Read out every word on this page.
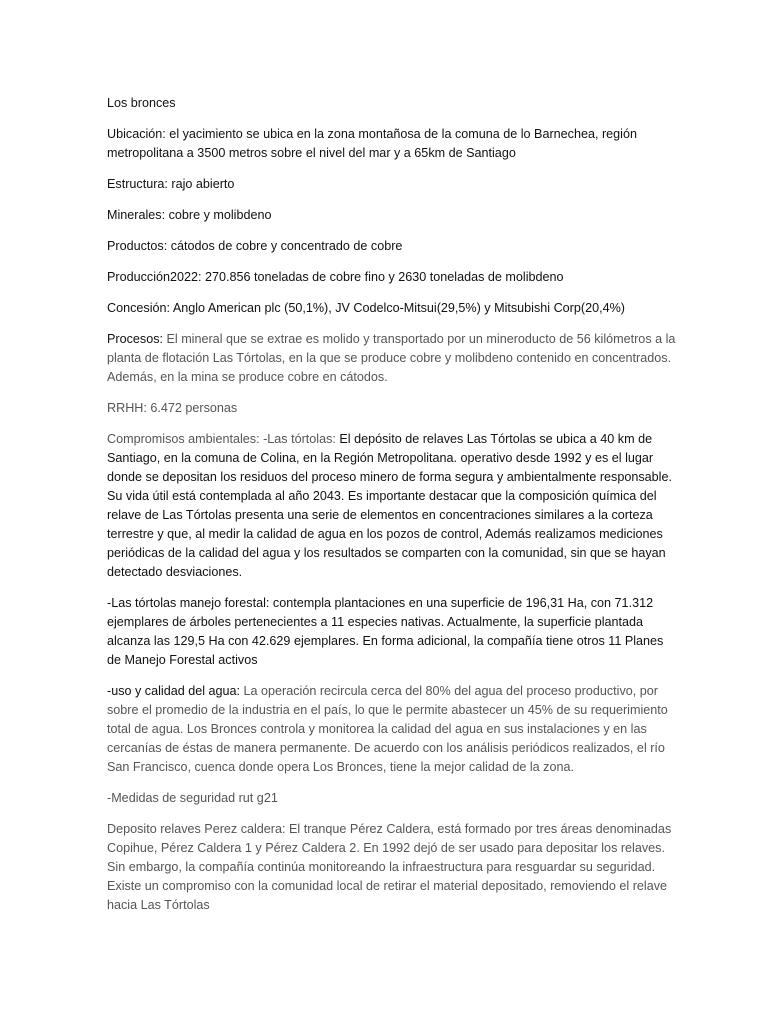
Los bronces

Ubicación: el yacimiento se ubica en la zona montañosa de la comuna de lo Barnechea, región metropolitana a 3500 metros sobre el nivel del mar y a 65km de Santiago

Estructura: rajo abierto

Minerales: cobre y molibdeno

Productos: cátodos de cobre y concentrado de cobre

Producción2022: 270.856 toneladas de cobre fino y 2630 toneladas de molibdeno

Concesión: Anglo American plc (50,1%), JV Codelco-Mitsui(29,5%) y Mitsubishi Corp(20,4%)

Procesos: El mineral que se extrae es molido y transportado por un mineroducto de 56 kilómetros a la planta de flotación Las Tórtolas, en la que se produce cobre y molibdeno contenido en concentrados. Además, en la mina se produce cobre en cátodos.

RRHH: 6.472 personas

Compromisos ambientales: -Las tórtolas: El depósito de relaves Las Tórtolas se ubica a 40 km de Santiago, en la comuna de Colina, en la Región Metropolitana. operativo desde 1992 y es el lugar donde se depositan los residuos del proceso minero de forma segura y ambientalmente responsable. Su vida útil está contemplada al año 2043. Es importante destacar que la composición química del relave de Las Tórtolas presenta una serie de elementos en concentraciones similares a la corteza terrestre y que, al medir la calidad de agua en los pozos de control, Además realizamos mediciones periódicas de la calidad del agua y los resultados se comparten con la comunidad, sin que se hayan detectado desviaciones.

-Las tórtolas manejo forestal: contempla plantaciones en una superficie de 196,31 Ha, con 71.312 ejemplares de árboles pertenecientes a 11 especies nativas. Actualmente, la superficie plantada alcanza las 129,5 Ha con 42.629 ejemplares. En forma adicional, la compañía tiene otros 11 Planes de Manejo Forestal activos

-uso y calidad del agua: La operación recircula cerca del 80% del agua del proceso productivo, por sobre el promedio de la industria en el país, lo que le permite abastecer un 45% de su requerimiento total de agua. Los Bronces controla y monitorea la calidad del agua en sus instalaciones y en las cercanías de éstas de manera permanente. De acuerdo con los análisis periódicos realizados, el río San Francisco, cuenca donde opera Los Bronces, tiene la mejor calidad de la zona.

-Medidas de seguridad rut g21

Deposito relaves Perez caldera: El tranque Pérez Caldera, está formado por tres áreas denominadas Copihue, Pérez Caldera 1 y Pérez Caldera 2. En 1992 dejó de ser usado para depositar los relaves. Sin embargo, la compañía continúa monitoreando la infraestructura para resguardar su seguridad. Existe un compromiso con la comunidad local de retirar el material depositado, removiendo el relave hacia Las Tórtolas
